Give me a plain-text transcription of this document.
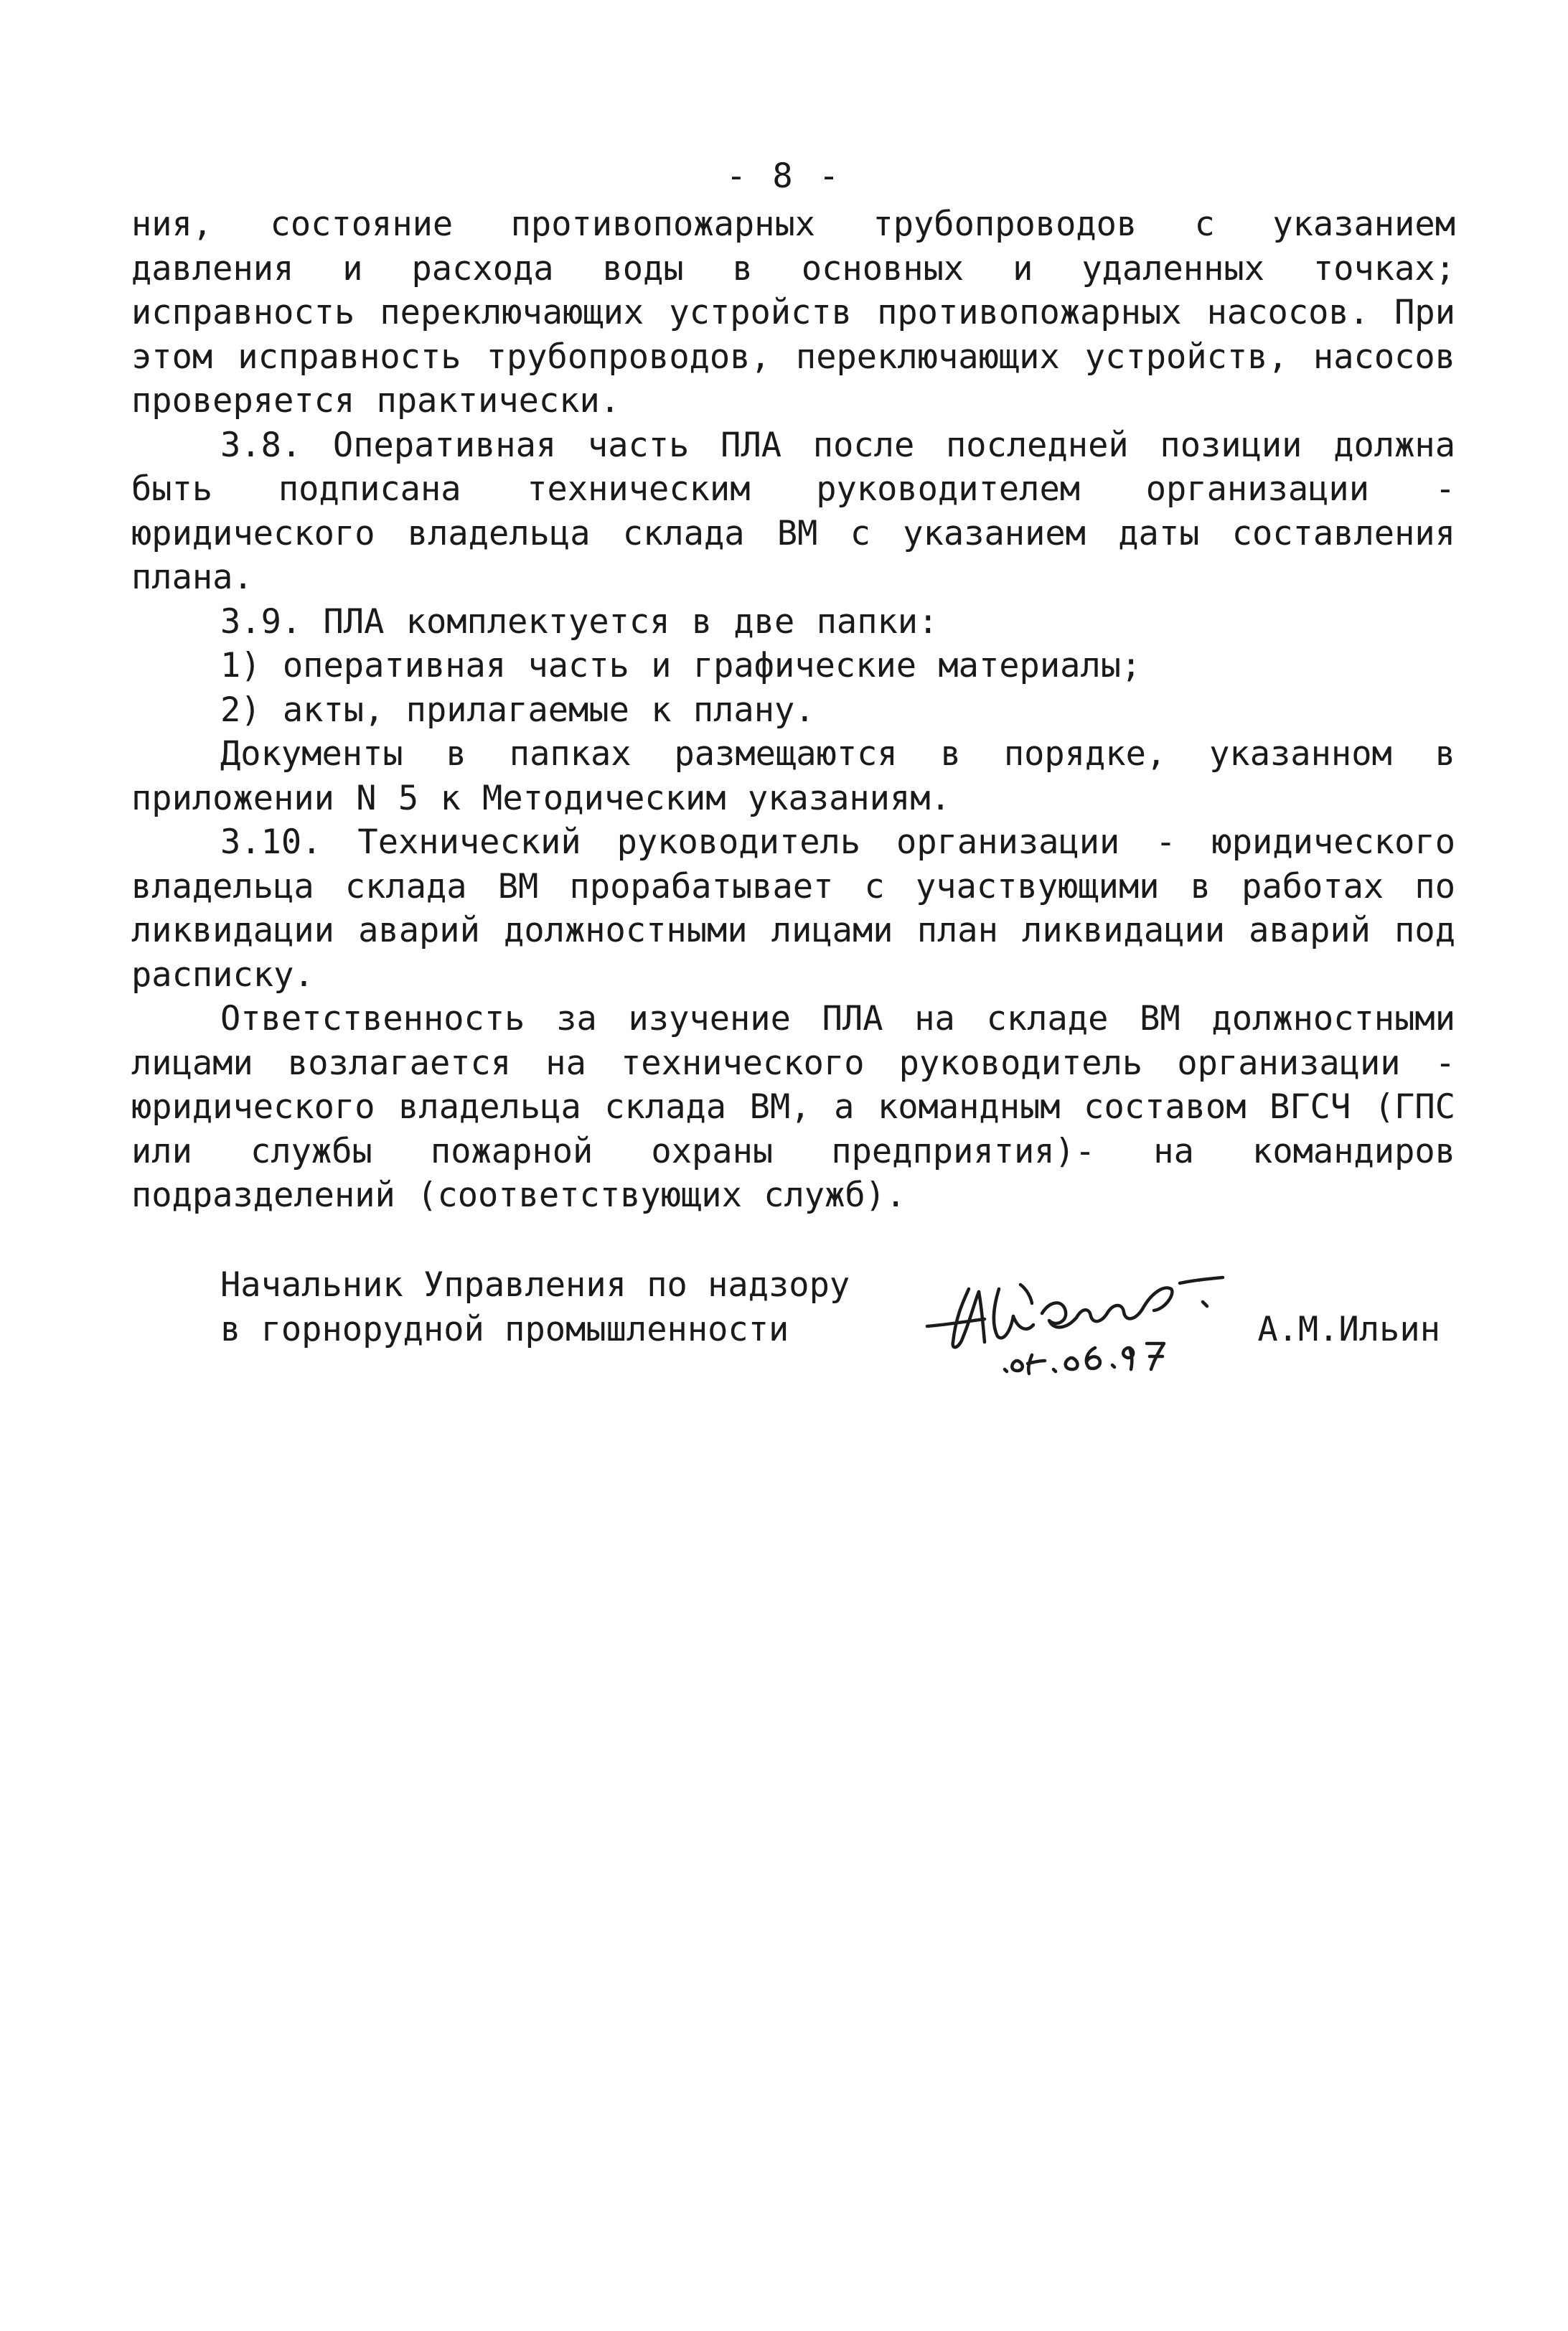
- 8 -

ния, состояние противопожарных трубопроводов с указанием давления и расхода воды в основных и удаленных точках; исправность переключающих устройств противопожарных насосов. При этом исправность трубопроводов, переключающих устройств, насосов проверяется практически.

3.8. Оперативная часть ПЛА после последней позиции должна быть подписана техническим руководителем организации - юридического владельца склада ВМ с указанием даты составления плана.

3.9. ПЛА комплектуется в две папки:

1) оперативная часть и графические материалы;

2) акты, прилагаемые к плану.

Документы в папках размещаются в порядке, указанном в приложении N 5 к Методическим указаниям.

3.10. Технический руководитель организации - юридического владельца склада ВМ прорабатывает с участвующими в работах по ликвидации аварий должностными лицами план ликвидации аварий под расписку.

Ответственность за изучение ПЛА на складе ВМ должностными лицами возлагается на технического руководитель организации - юридического владельца склада ВМ, а командным составом ВГСЧ (ГПС или службы пожарной охраны предприятия)- на командиров подразделений (соответствующих служб).

Начальник Управления по надзору
в горнорудной промышленности	А.М.Ильин
